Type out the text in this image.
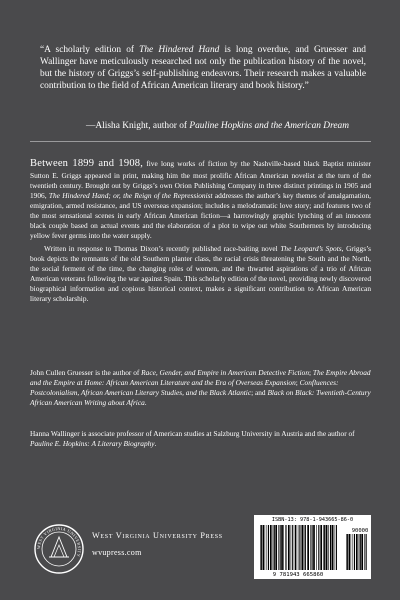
“A scholarly edition of The Hindered Hand is long overdue, and Gruesser and Wallinger have meticulously researched not only the publication history of the novel, but the history of Griggs’s self-publishing endeavors. Their research makes a valuable contribution to the field of African American literary and book history.”

—Alisha Knight, author of Pauline Hopkins and the American Dream

Between 1899 and 1908, five long works of fiction by the Nashville-based black Baptist minister Sutton E. Griggs appeared in print, making him the most prolific African American novelist at the turn of the twentieth century. Brought out by Griggs’s own Orion Publishing Company in three distinct printings in 1905 and 1906, The Hindered Hand; or, the Reign of the Repressionist addresses the author’s key themes of amalgamation, emigration, armed resistance, and US overseas expansion; includes a melodramatic love story; and features two of the most sensational scenes in early African American fiction—a harrowingly graphic lynching of an innocent black couple based on actual events and the elaboration of a plot to wipe out white Southerners by introducing yellow fever germs into the water supply.

Written in response to Thomas Dixon’s recently published race-baiting novel The Leopard’s Spots, Griggs’s book depicts the remnants of the old Southern planter class, the racial crisis threatening the South and the North, the social ferment of the time, the changing roles of women, and the thwarted aspirations of a trio of African American veterans following the war against Spain. This scholarly edition of the novel, providing newly discovered biographical information and copious historical context, makes a significant contribution to African American literary scholarship.

John Cullen Gruesser is the author of Race, Gender, and Empire in American Detective Fiction; The Empire Abroad and the Empire at Home: African American Literature and the Era of Overseas Expansion; Confluences: Postcolonialism, African American Literary Studies, and the Black Atlantic; and Black on Black: Twentieth-Century African American Writing about Africa.

Hanna Wallinger is associate professor of American studies at Salzburg University in Austria and the author of Pauline E. Hopkins: A Literary Biography.

WEST VIRGINIA UNIVERSITY
West Virginia University Press
wvupress.com
ISBN-13: 978-1-943665-86-0
90000
9 781943 665860
